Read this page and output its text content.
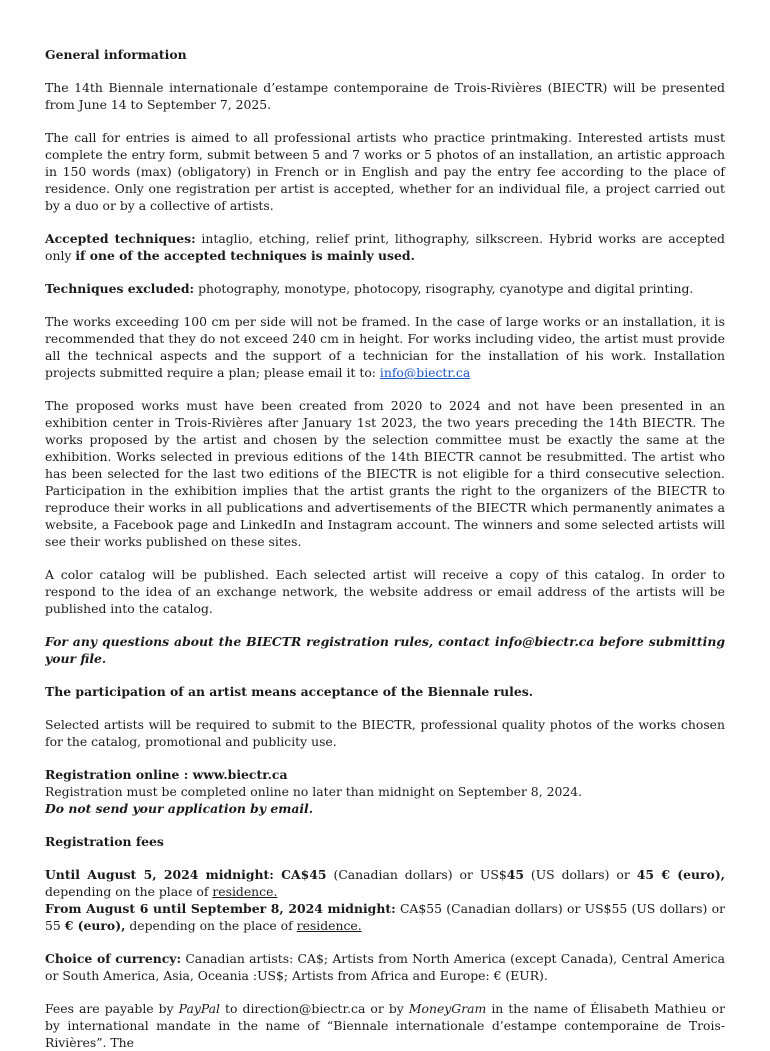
General information

The 14th Biennale internationale d’estampe contemporaine de Trois-Rivières (BIECTR) will be presented from June 14 to September 7, 2025.

The call for entries is aimed to all professional artists who practice printmaking. Interested artists must complete the entry form, submit between 5 and 7 works or 5 photos of an installation, an artistic approach in 150 words (max) (obligatory) in French or in English and pay the entry fee according to the place of residence. Only one registration per artist is accepted, whether for an individual file, a project carried out by a duo or by a collective of artists.

Accepted techniques: intaglio, etching, relief print, lithography, silkscreen. Hybrid works are accepted only if one of the accepted techniques is mainly used.

Techniques excluded: photography, monotype, photocopy, risography, cyanotype and digital printing.

The works exceeding 100 cm per side will not be framed. In the case of large works or an installation, it is recommended that they do not exceed 240 cm in height. For works including video, the artist must provide all the technical aspects and the support of a technician for the installation of his work. Installation projects submitted require a plan; please email it to: info@biectr.ca

The proposed works must have been created from 2020 to 2024 and not have been presented in an exhibition center in Trois-Rivières after January 1st 2023, the two years preceding the 14th BIECTR. The works proposed by the artist and chosen by the selection committee must be exactly the same at the exhibition. Works selected in previous editions of the 14th BIECTR cannot be resubmitted. The artist who has been selected for the last two editions of the BIECTR is not eligible for a third consecutive selection. Participation in the exhibition implies that the artist grants the right to the organizers of the BIECTR to reproduce their works in all publications and advertisements of the BIECTR which permanently animates a website, a Facebook page and LinkedIn and Instagram account. The winners and some selected artists will see their works published on these sites.

A color catalog will be published. Each selected artist will receive a copy of this catalog. In order to respond to the idea of an exchange network, the website address or email address of the artists will be published into the catalog.

For any questions about the BIECTR registration rules, contact info@biectr.ca before submitting your file.

The participation of an artist means acceptance of the Biennale rules.

Selected artists will be required to submit to the BIECTR, professional quality photos of the works chosen for the catalog, promotional and publicity use.

Registration online : www.biectr.ca

Registration must be completed online no later than midnight on September 8, 2024.

Do not send your application by email.

Registration fees

Until August 5, 2024 midnight: CA$45 (Canadian dollars) or US$45 (US dollars) or 45 € (euro), depending on the place of residence.

From August 6 until September 8, 2024 midnight: CA$55 (Canadian dollars) or US$55 (US dollars) or 55 € (euro), depending on the place of residence.

Choice of currency: Canadian artists: CA$; Artists from North America (except Canada), Central America or South America, Asia, Oceania :US$; Artists from Africa and Europe: € (EUR).

Fees are payable by PayPal to direction@biectr.ca or by MoneyGram in the name of Élisabeth Mathieu or by international mandate in the name of “Biennale internationale d’estampe contemporaine de Trois-Rivières”. The
